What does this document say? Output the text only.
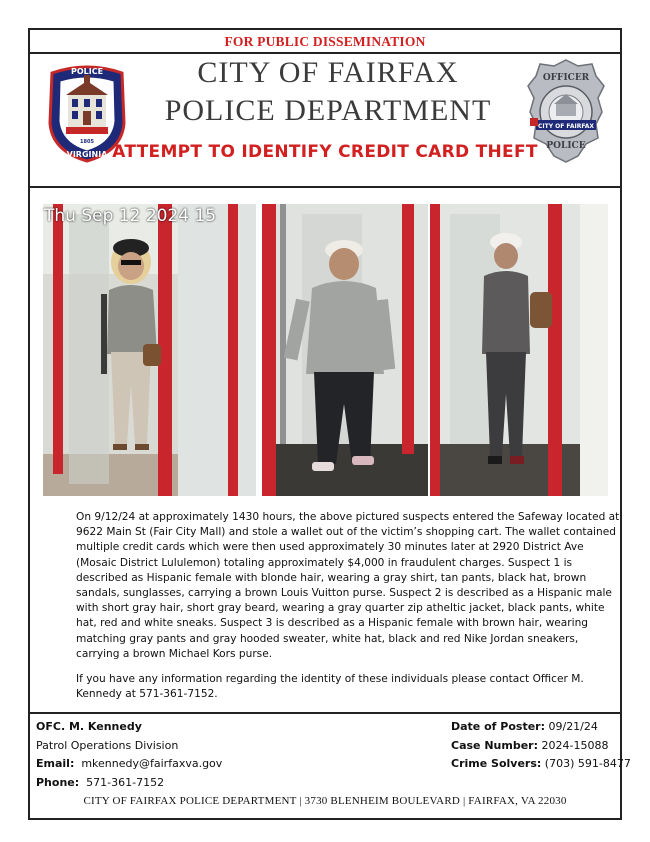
FOR PUBLIC DISSEMINATION
POLICE
CITY OF	FAIRFAX
1805
VIRGINIA
CITY OF FAIRFAX
POLICE DEPARTMENT
ATTEMPT TO IDENTIFY CREDIT CARD THEFT
OFFICER
CITY OF FAIRFAX
POLICE
Thu Sep 12 2024 15

On 9/12/24 at approximately 1430 hours, the above pictured suspects entered the Safeway located at 9622 Main St (Fair City Mall) and stole a wallet out of the victim’s shopping cart. The wallet contained multiple credit cards which were then used approximately 30 minutes later at 2920 District Ave (Mosaic District Lululemon) totaling approximately $4,000 in fraudulent charges. Suspect 1 is described as Hispanic female with blonde hair, wearing a gray shirt, tan pants, black hat, brown sandals, sunglasses, carrying a brown Louis Vuitton purse. Suspect 2 is described as a Hispanic male with short gray hair, short gray beard, wearing a gray quarter zip atheltic jacket, black pants, white hat, red and white sneaks. Suspect 3 is described as a Hispanic female with brown hair, wearing matching gray pants and gray hooded sweater, white hat, black and red Nike Jordan sneakers, carrying a brown Michael Kors purse.

If you have any information regarding the identity of these individuals please contact Officer M. Kennedy at 571-361-7152.

OFC. M. Kennedy
Patrol Operations Division
Email: mkennedy@fairfaxva.gov
Phone: 571-361-7152
Date of Poster: 09/21/24
Case Number: 2024-15088
Crime Solvers: (703) 591-8477
CITY OF FAIRFAX POLICE DEPARTMENT | 3730 BLENHEIM BOULEVARD | FAIRFAX, VA 22030
